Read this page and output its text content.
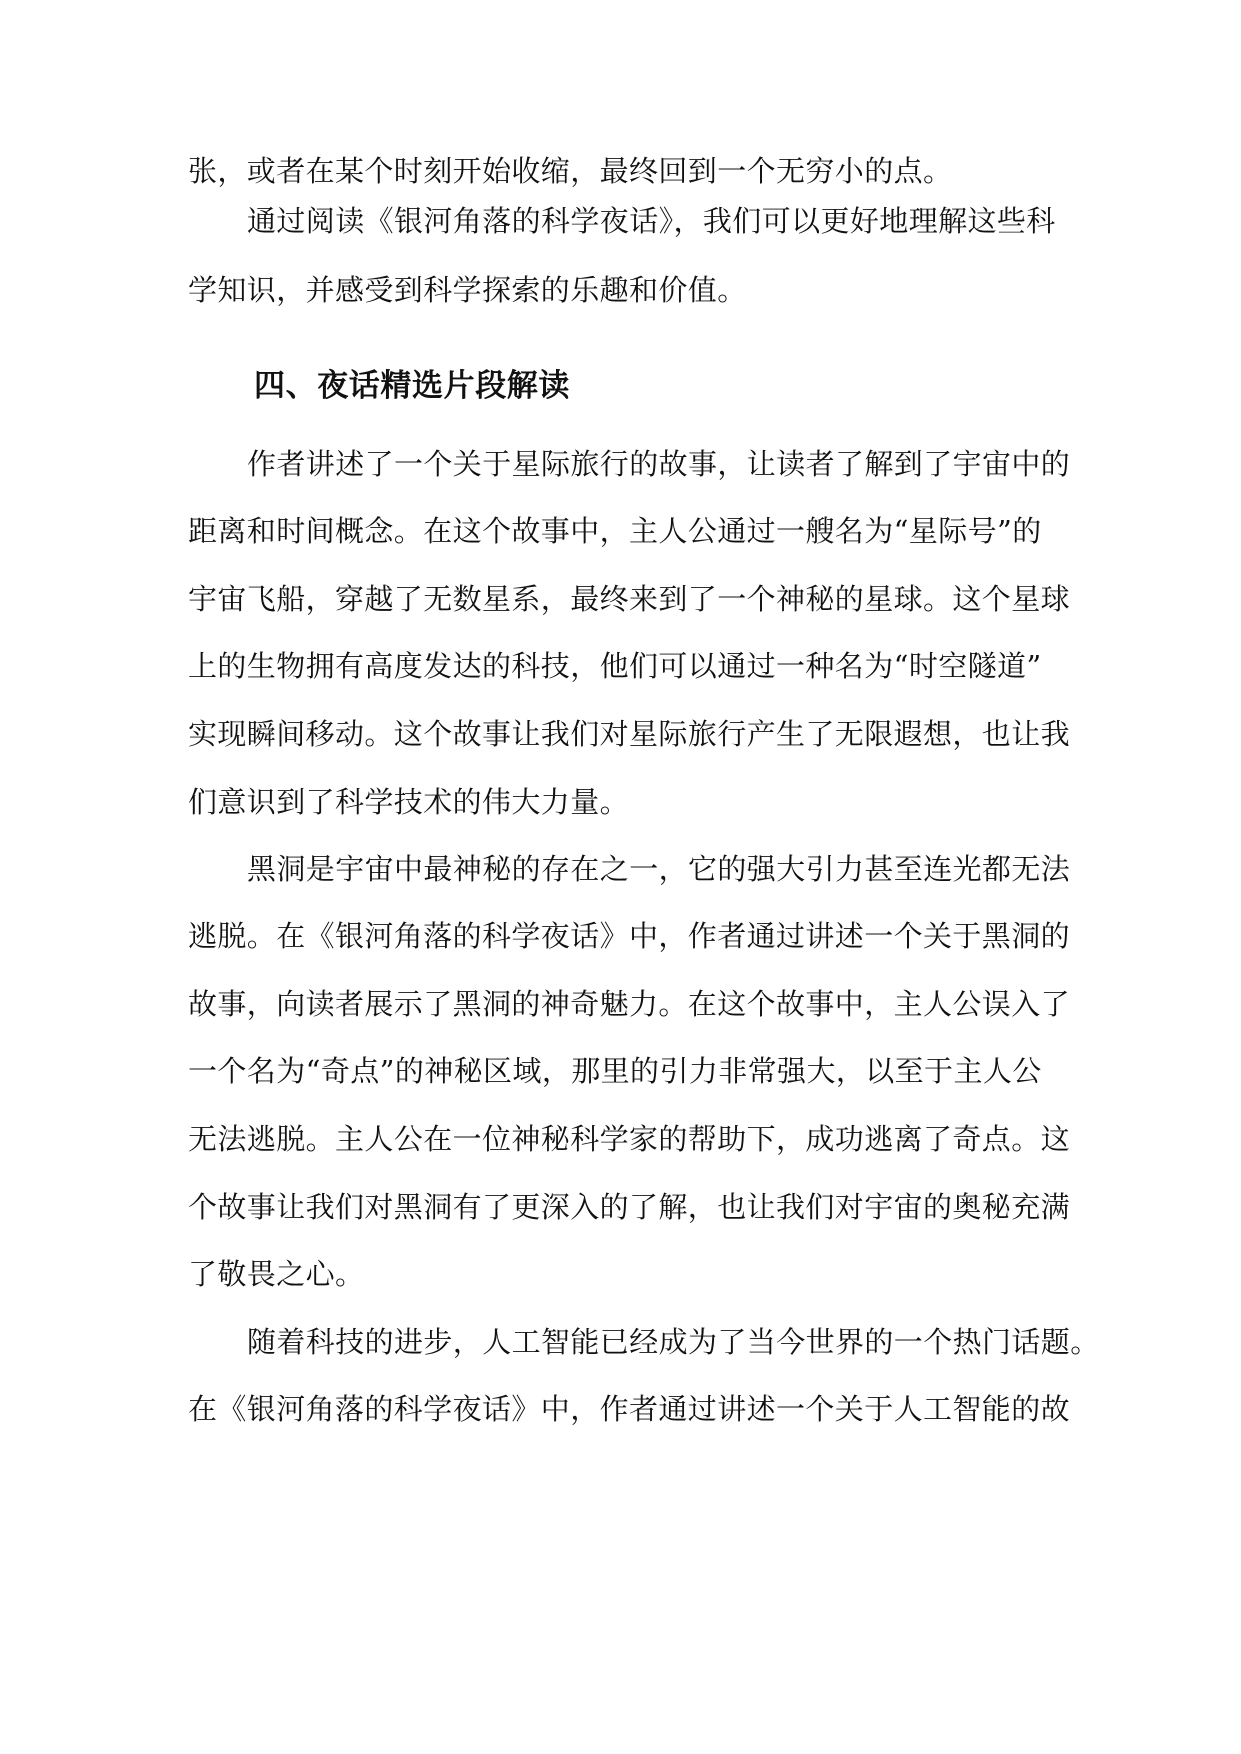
张，或者在某个时刻开始收缩，最终回到一个无穷小的点。
通过阅读《银河角落的科学夜话》，我们可以更好地理解这些科
学知识，并感受到科学探索的乐趣和价值。
四、夜话精选片段解读
作者讲述了一个关于星际旅行的故事，让读者了解到了宇宙中的
距离和时间概念。在这个故事中，主人公通过一艘名为“星际号”的
宇宙飞船，穿越了无数星系，最终来到了一个神秘的星球。这个星球
上的生物拥有高度发达的科技，他们可以通过一种名为“时空隧道”
实现瞬间移动。这个故事让我们对星际旅行产生了无限遐想，也让我
们意识到了科学技术的伟大力量。
黑洞是宇宙中最神秘的存在之一，它的强大引力甚至连光都无法
逃脱。在《银河角落的科学夜话》中，作者通过讲述一个关于黑洞的
故事，向读者展示了黑洞的神奇魅力。在这个故事中，主人公误入了
一个名为“奇点”的神秘区域，那里的引力非常强大，以至于主人公
无法逃脱。主人公在一位神秘科学家的帮助下，成功逃离了奇点。这
个故事让我们对黑洞有了更深入的了解，也让我们对宇宙的奥秘充满
了敬畏之心。
随着科技的进步，人工智能已经成为了当今世界的一个热门话题。
在《银河角落的科学夜话》中，作者通过讲述一个关于人工智能的故
